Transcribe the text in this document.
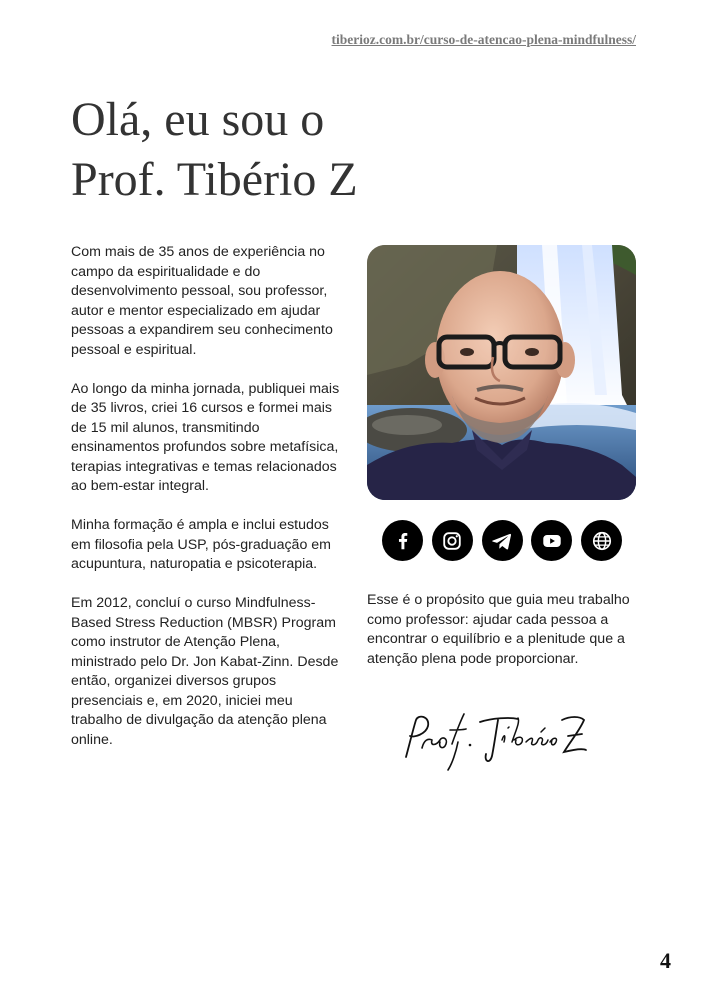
tiberioz.com.br/curso-de-atencao-plena-mindfulness/
Olá, eu sou o
Prof. Tibério Z

Com mais de 35 anos de experiência no campo da espiritualidade e do desenvolvimento pessoal, sou professor, autor e mentor especializado em ajudar pessoas a expandirem seu conhecimento pessoal e espiritual.

Ao longo da minha jornada, publiquei mais de 35 livros, criei 16 cursos e formei mais de 15 mil alunos, transmitindo ensinamentos profundos sobre metafísica, terapias integrativas e temas relacionados ao bem-estar integral.

Minha formação é ampla e inclui estudos em filosofia pela USP, pós-graduação em acupuntura, naturopatia e psicoterapia.

Em 2012, concluí o curso Mindfulness-Based Stress Reduction (MBSR) Program como instrutor de Atenção Plena, ministrado pelo Dr. Jon Kabat-Zinn. Desde então, organizei diversos grupos presenciais e, em 2020, iniciei meu trabalho de divulgação da atenção plena online.

Esse é o propósito que guia meu trabalho como professor: ajudar cada pessoa a encontrar o equilíbrio e a plenitude que a atenção plena pode proporcionar.

4
